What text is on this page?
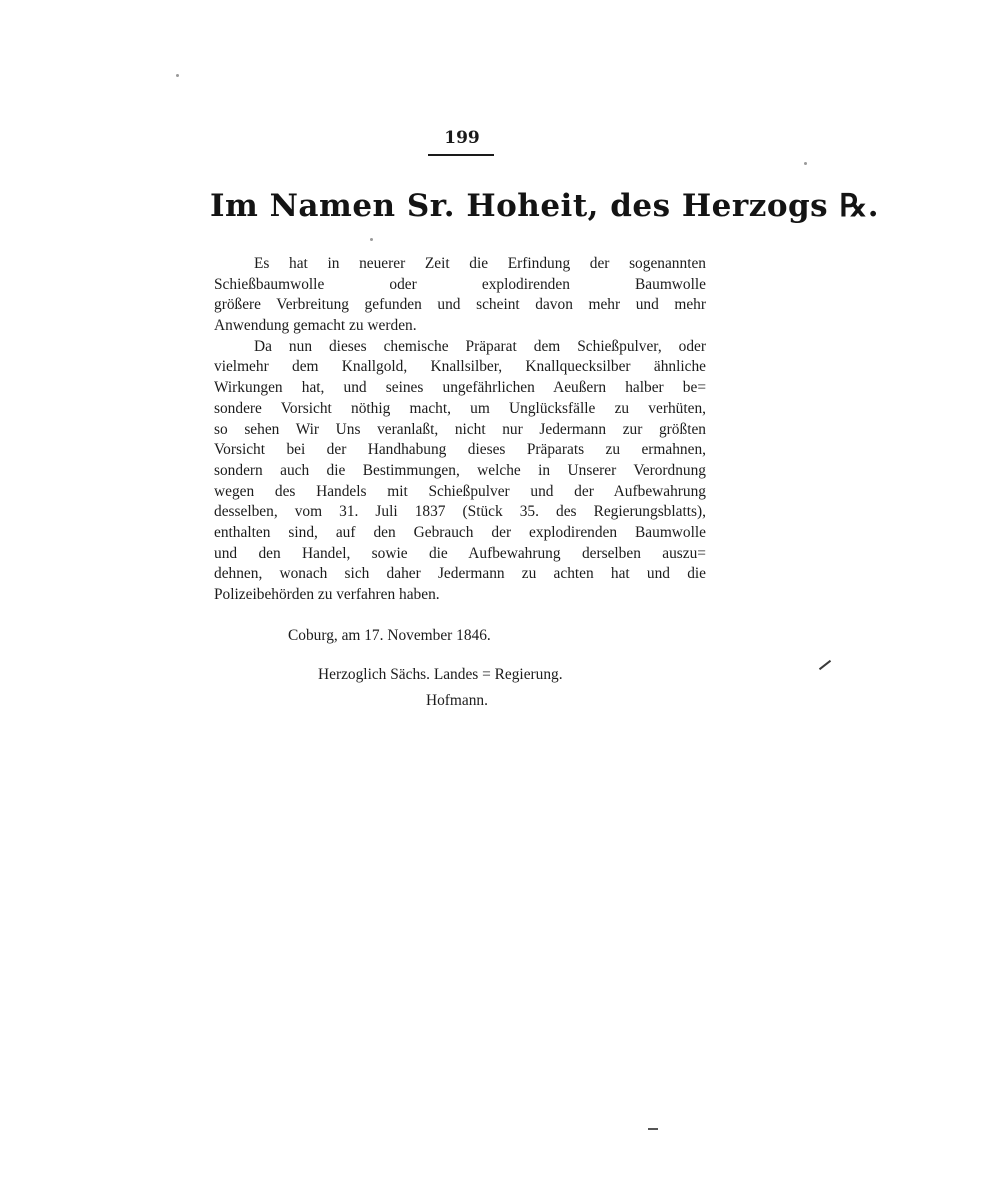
199
Im Namen Sr. Hoheit, des Herzogs ℞.
Es hat in neuerer Zeit die Erfindung der sogenannten
Schießbaumwolle oder explodirenden Baumwolle
größere Verbreitung gefunden und scheint davon mehr und mehr
Anwendung gemacht zu werden.
Da nun dieses chemische Präparat dem Schießpulver, oder
vielmehr dem Knallgold, Knallsilber, Knallquecksilber ähnliche
Wirkungen hat, und seines ungefährlichen Aeußern halber be=
sondere Vorsicht nöthig macht, um Unglücksfälle zu verhüten,
so sehen Wir Uns veranlaßt, nicht nur Jedermann zur größten
Vorsicht bei der Handhabung dieses Präparats zu ermahnen,
sondern auch die Bestimmungen, welche in Unserer Verordnung
wegen des Handels mit Schießpulver und der Aufbewahrung
desselben, vom 31. Juli 1837 (Stück 35. des Regierungsblatts),
enthalten sind, auf den Gebrauch der explodirenden Baumwolle
und den Handel, sowie die Aufbewahrung derselben auszu=
dehnen, wonach sich daher Jedermann zu achten hat und die
Polizeibehörden zu verfahren haben.
Coburg, am 17. November 1846.
Herzoglich Sächs. Landes = Regierung.
Hofmann.
